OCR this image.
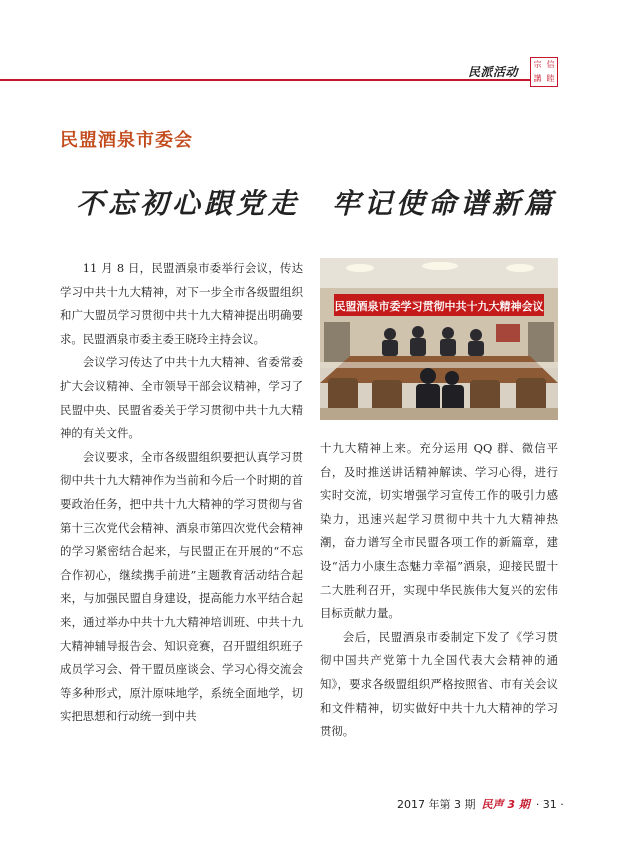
民派活动
宗 信
講 睦
民盟酒泉市委会
不忘初心跟党走 牢记使命谱新篇

11 月 8 日，民盟酒泉市委举行会议，传达学习中共十九大精神，对下一步全市各级盟组织和广大盟员学习贯彻中共十九大精神提出明确要求。民盟酒泉市委主委王晓玲主持会议。

会议学习传达了中共十九大精神、省委常委扩大会议精神、全市领导干部会议精神，学习了民盟中央、民盟省委关于学习贯彻中共十九大精神的有关文件。

会议要求，全市各级盟组织要把认真学习贯彻中共十九大精神作为当前和今后一个时期的首要政治任务，把中共十九大精神的学习贯彻与省第十三次党代会精神、酒泉市第四次党代会精神的学习紧密结合起来，与民盟正在开展的“不忘合作初心，继续携手前进”主题教育活动结合起来，与加强民盟自身建设，提高能力水平结合起来，通过举办中共十九大精神培训班、中共十九大精神辅导报告会、知识竞赛，召开盟组织班子成员学习会、骨干盟员座谈会、学习心得交流会等多种形式，原汁原味地学，系统全面地学，切实把思想和行动统一到中共

民盟酒泉市委学习贯彻中共十九大精神会议

十九大精神上来。充分运用 QQ 群、微信平台，及时推送讲话精神解读、学习心得，进行实时交流，切实增强学习宣传工作的吸引力感染力，迅速兴起学习贯彻中共十九大精神热潮，奋力谱写全市民盟各项工作的新篇章，建设“活力小康生态魅力幸福”酒泉，迎接民盟十二大胜利召开，实现中华民族伟大复兴的宏伟目标贡献力量。

会后，民盟酒泉市委制定下发了《学习贯彻中国共产党第十九全国代表大会精神的通知》，要求各级盟组织严格按照省、市有关会议和文件精神，切实做好中共十九大精神的学习贯彻。

2017 年第 3 期 民声 3 期 · 31 ·
